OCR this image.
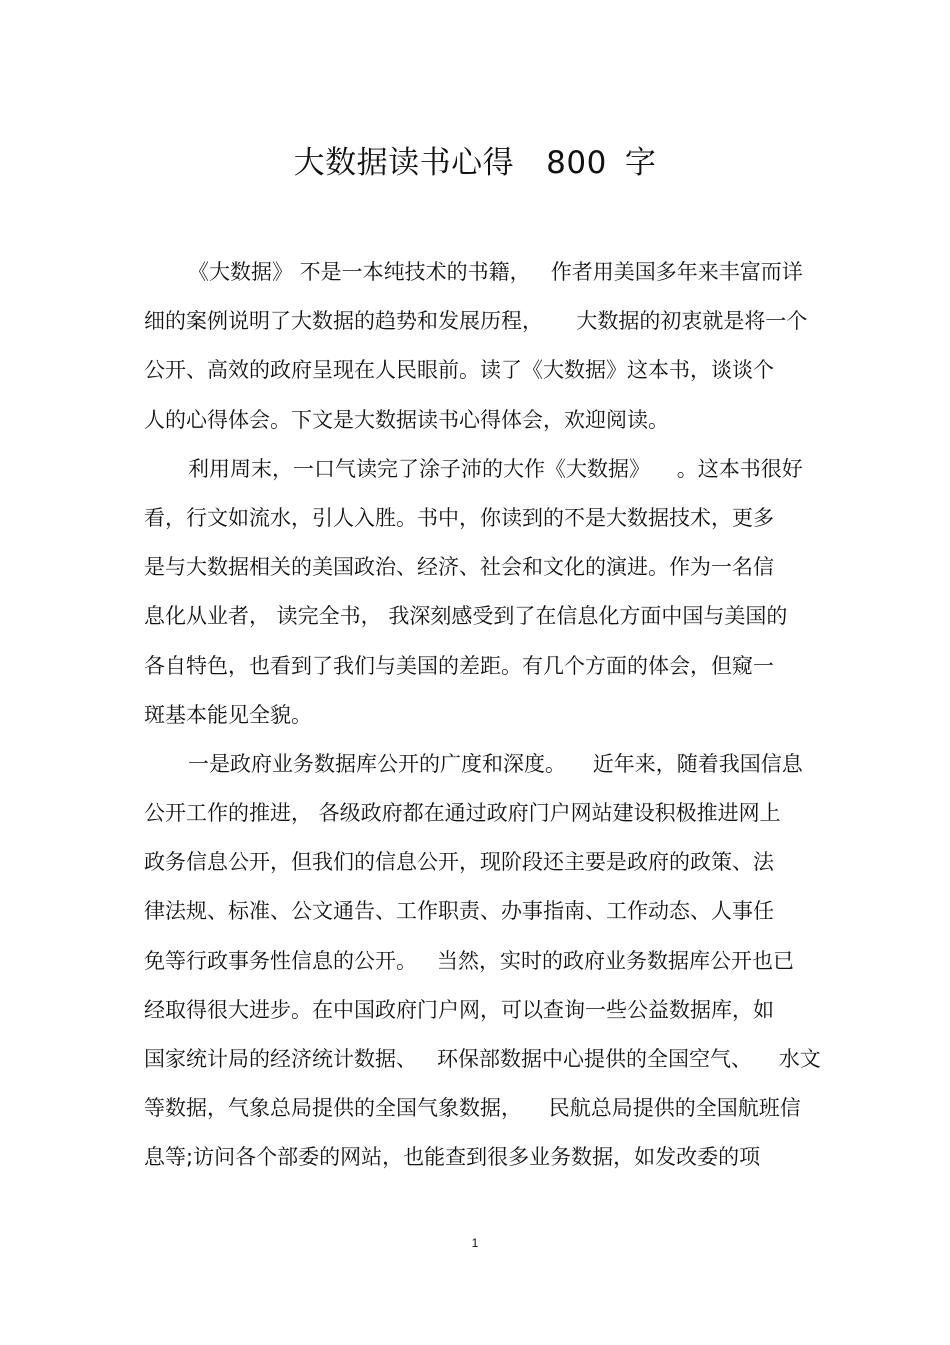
大数据读书心得 800 字
《大数据》 不是一本纯技术的书籍，   作者用美国多年来丰富而详
细的案例说明了大数据的趋势和发展历程，     大数据的初衷就是将一个
公开、高效的政府呈现在人民眼前。读了《大数据》这本书，谈谈个
人的心得体会。下文是大数据读书心得体会，欢迎阅读。
利用周末，一口气读完了涂子沛的大作《大数据》    。这本书很好
看，行文如流水，引人入胜。书中，你读到的不是大数据技术，更多
是与大数据相关的美国政治、经济、社会和文化的演进。作为一名信
息化从业者， 读完全书， 我深刻感受到了在信息化方面中国与美国的
各自特色，也看到了我们与美国的差距。有几个方面的体会，但窥一
斑基本能见全貌。
一是政府业务数据库公开的广度和深度。    近年来，随着我国信息
公开工作的推进， 各级政府都在通过政府门户网站建设积极推进网上
政务信息公开，但我们的信息公开，现阶段还主要是政府的政策、法
律法规、标准、公文通告、工作职责、办事指南、工作动态、人事任
免等行政事务性信息的公开。   当然，实时的政府业务数据库公开也已
经取得很大进步。在中国政府门户网，可以查询一些公益数据库，如
国家统计局的经济统计数据、   环保部数据中心提供的全国空气、    水文
等数据，气象总局提供的全国气象数据，    民航总局提供的全国航班信
息等;访问各个部委的网站，也能查到很多业务数据，如发改委的项
1
